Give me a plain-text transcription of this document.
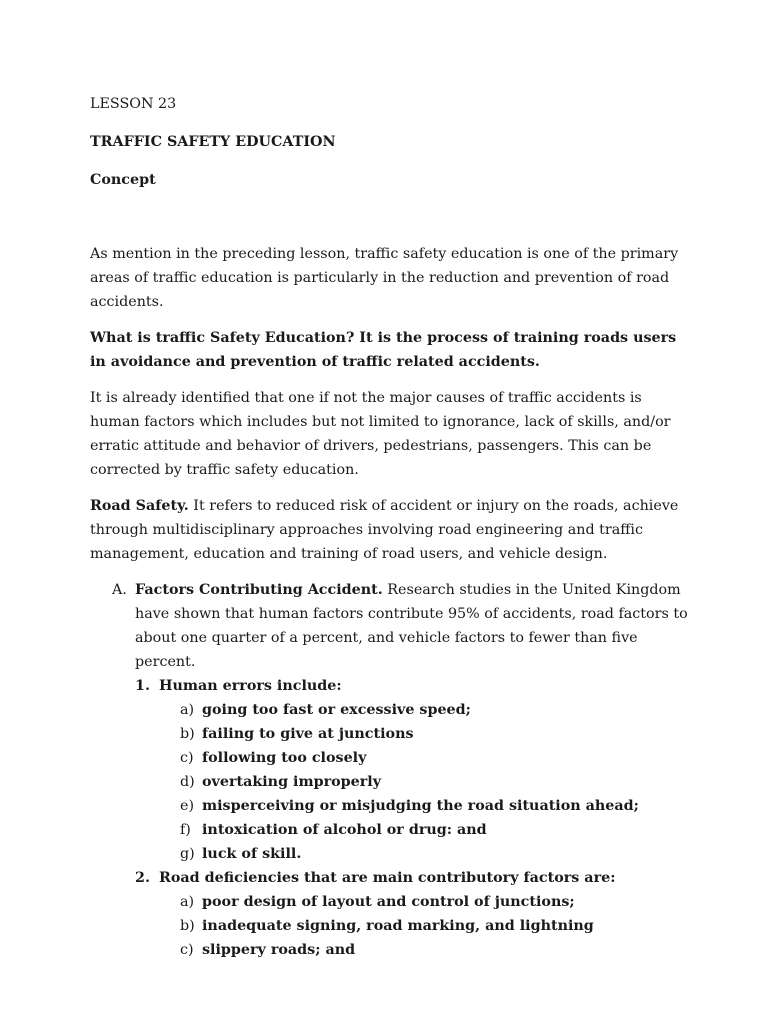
LESSON 23

TRAFFIC SAFETY EDUCATION

Concept

As mention in the preceding lesson, traffic safety education is one of the primary areas of traffic education is particularly in the reduction and prevention of road accidents.

What is traffic Safety Education? It is the process of training roads users in avoidance and prevention of traffic related accidents.

It is already identified that one if not the major causes of traffic accidents is human factors which includes but not limited to ignorance, lack of skills, and/or erratic attitude and behavior of drivers, pedestrians, passengers. This can be corrected by traffic safety education.

Road Safety. It refers to reduced risk of accident or injury on the roads, achieve through multidisciplinary approaches involving road engineering and traffic management, education and training of road users, and vehicle design.

A. Factors Contributing Accident. Research studies in the United Kingdom have shown that human factors contribute 95% of accidents, road factors to about one quarter of a percent, and vehicle factors to fewer than five percent.

1. Human errors include:
a) going too fast or excessive speed;
b) failing to give at junctions
c) following too closely
d) overtaking improperly
e) misperceiving or misjudging the road situation ahead;
f) intoxication of alcohol or drug: and
g) luck of skill.
2. Road deficiencies that are main contributory factors are:
a) poor design of layout and control of junctions;
b) inadequate signing, road marking, and lightning
c) slippery roads; and
